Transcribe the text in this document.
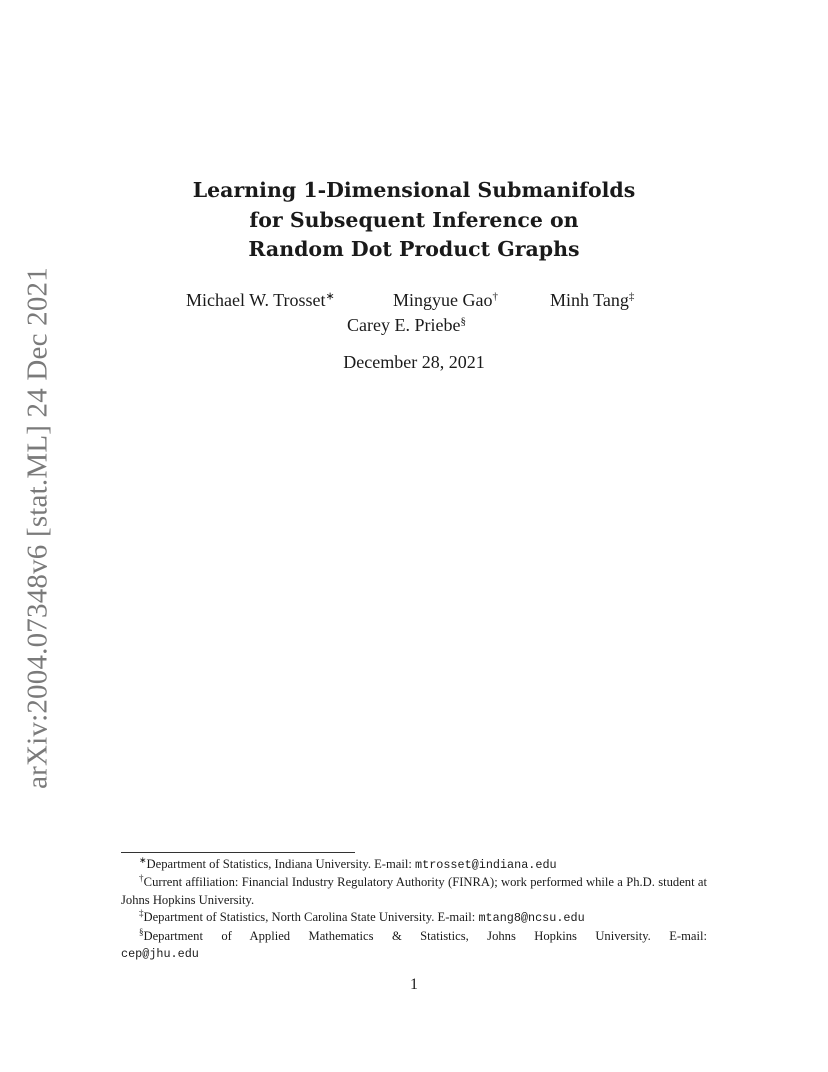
arXiv:2004.07348v6 [stat.ML] 24 Dec 2021
Learning 1-Dimensional Submanifolds
for Subsequent Inference on
Random Dot Product Graphs
Michael W. Trosset∗	Mingyue Gao†	Minh Tang‡
Carey E. Priebe§
December 28, 2021

∗Department of Statistics, Indiana University. E-mail: mtrosset@indiana.edu

†Current affiliation: Financial Industry Regulatory Authority (FINRA); work performed while a Ph.D. student at Johns Hopkins University.

‡Department of Statistics, North Carolina State University. E-mail: mtang8@ncsu.edu

§Department of Applied Mathematics & Statistics, Johns Hopkins University. E-mail:

cep@jhu.edu

1
